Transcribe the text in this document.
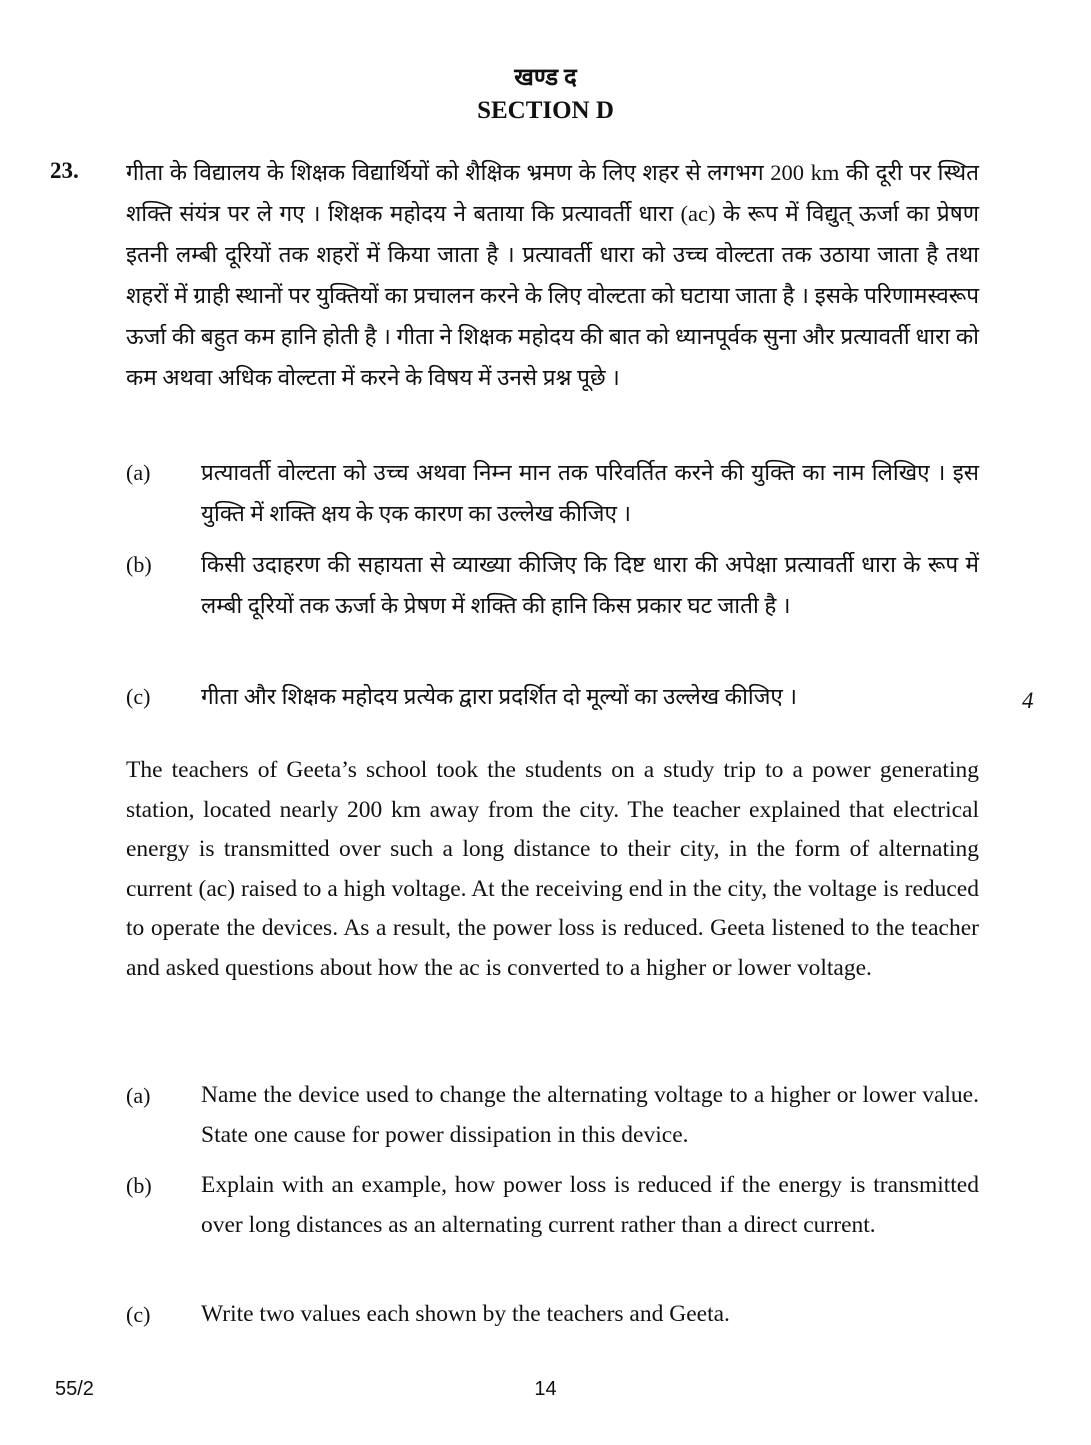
खण्ड द
SECTION D
23. गीता के विद्यालय के शिक्षक विद्यार्थियों को शैक्षिक भ्रमण के लिए शहर से लगभग 200 km की दूरी पर स्थित शक्ति संयंत्र पर ले गए । शिक्षक महोदय ने बताया कि प्रत्यावर्ती धारा (ac) के रूप में विद्युत् ऊर्जा का प्रेषण इतनी लम्बी दूरियों तक शहरों में किया जाता है । प्रत्यावर्ती धारा को उच्च वोल्टता तक उठाया जाता है तथा शहरों में ग्राही स्थानों पर युक्तियों का प्रचालन करने के लिए वोल्टता को घटाया जाता है । इसके परिणामस्वरूप ऊर्जा की बहुत कम हानि होती है । गीता ने शिक्षक महोदय की बात को ध्यानपूर्वक सुना और प्रत्यावर्ती धारा को कम अथवा अधिक वोल्टता में करने के विषय में उनसे प्रश्न पूछे ।
(a) प्रत्यावर्ती वोल्टता को उच्च अथवा निम्न मान तक परिवर्तित करने की युक्ति का नाम लिखिए । इस युक्ति में शक्ति क्षय के एक कारण का उल्लेख कीजिए ।
(b) किसी उदाहरण की सहायता से व्याख्या कीजिए कि दिष्ट धारा की अपेक्षा प्रत्यावर्ती धारा के रूप में लम्बी दूरियों तक ऊर्जा के प्रेषण में शक्ति की हानि किस प्रकार घट जाती है ।
(c) गीता और शिक्षक महोदय प्रत्येक द्वारा प्रदर्शित दो मूल्यों का उल्लेख कीजिए ।	4
The teachers of Geeta’s school took the students on a study trip to a power generating station, located nearly 200 km away from the city. The teacher explained that electrical energy is transmitted over such a long distance to their city, in the form of alternating current (ac) raised to a high voltage. At the receiving end in the city, the voltage is reduced to operate the devices. As a result, the power loss is reduced. Geeta listened to the teacher and asked questions about how the ac is converted to a higher or lower voltage.
(a) Name the device used to change the alternating voltage to a higher or lower value. State one cause for power dissipation in this device.
(b) Explain with an example, how power loss is reduced if the energy is transmitted over long distances as an alternating current rather than a direct current.
(c) Write two values each shown by the teachers and Geeta.
55/2	14
